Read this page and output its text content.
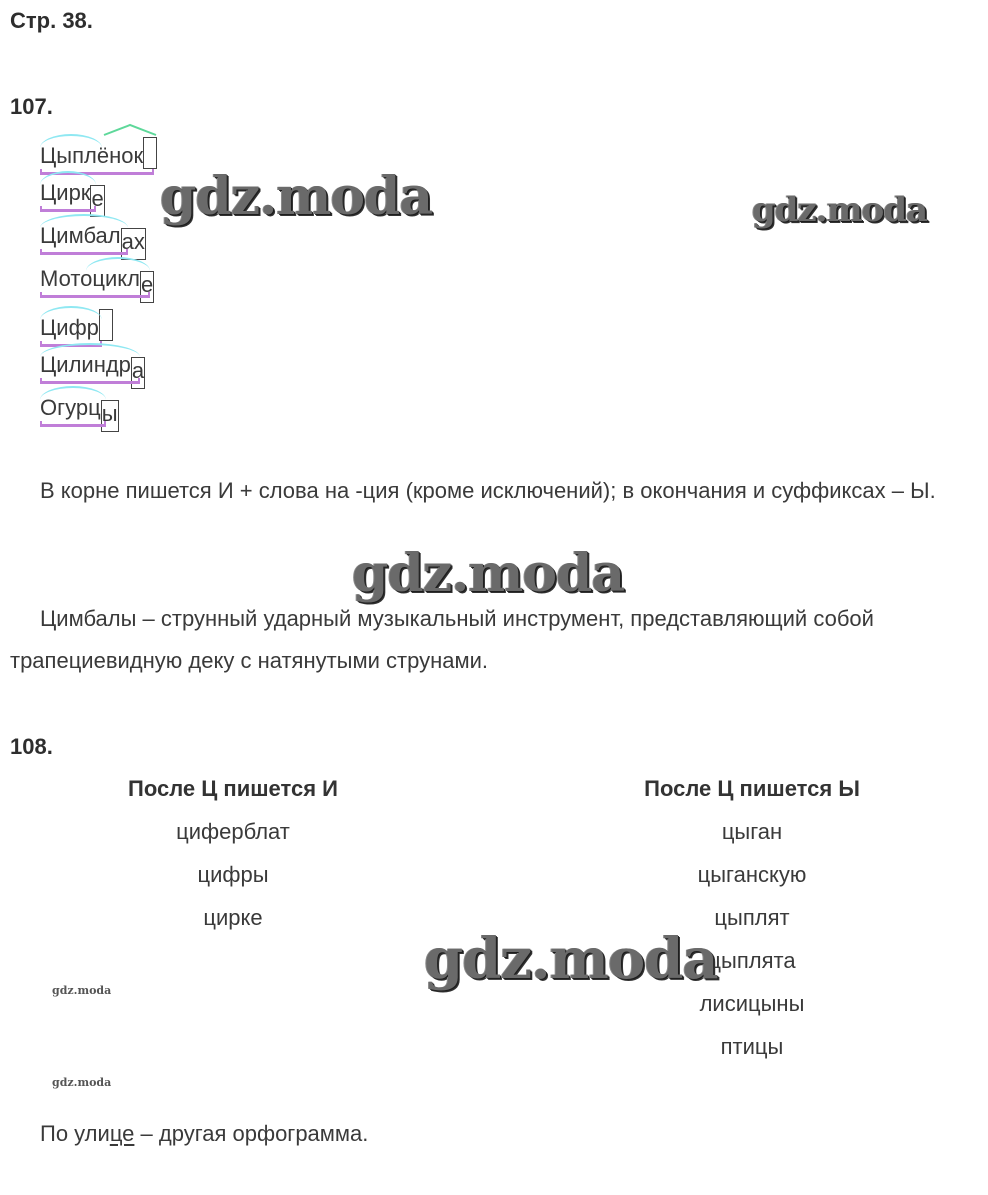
Стр. 38.
107.
Цыплёнок
Цирк
е
Цимбал
ах
Мотоцикл
е
Цифр
Цилиндр
а
Огурц
ы
В корне пишется И + слова на -ция (кроме исключений); в окончания и суффиксах – Ы.
Цимбалы – струнный ударный музыкальный инструмент, представляющий собой трапециевидную деку с натянутыми струнами.
108.
После Ц пишется И
циферблат
цифры
цирке
После Ц пишется Ы
цыган
цыганскую
цыплят
цыплята
лисицыны
птицы
По улице – другая орфограмма.
gdz.moda	gdz.moda
gdz.moda
gdz.moda
gdz.moda
gdz.moda
